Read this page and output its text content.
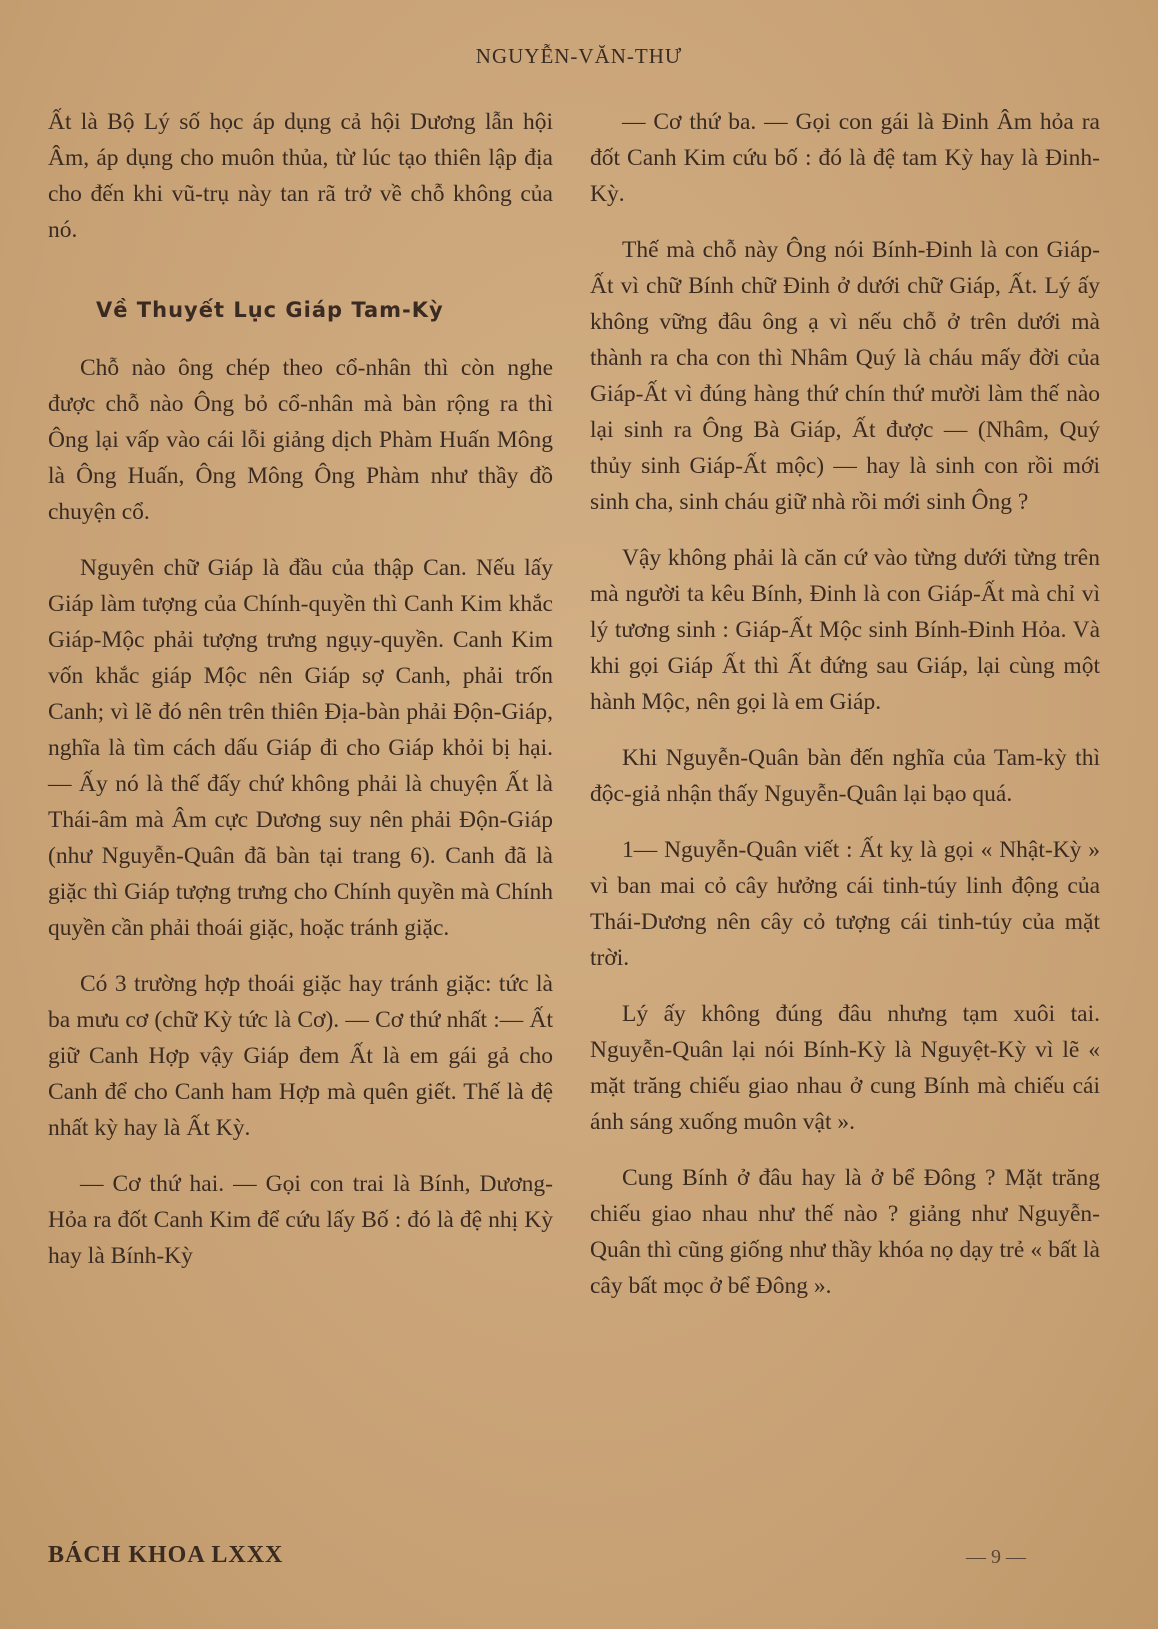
NGUYỄN-VĂN-THƯ

Ất là Bộ Lý số học áp dụng cả hội Dương lẫn hội Âm, áp dụng cho muôn thủa, từ lúc tạo thiên lập địa cho đến khi vũ-trụ này tan rã trở về chỗ không của nó.

Về Thuyết Lục Giáp Tam-Kỳ

Chỗ nào ông chép theo cổ-nhân thì còn nghe được chỗ nào Ông bỏ cổ-nhân mà bàn rộng ra thì Ông lại vấp vào cái lỗi giảng dịch Phàm Huấn Mông là Ông Huấn, Ông Mông Ông Phàm như thầy đồ chuyện cổ.

Nguyên chữ Giáp là đầu của thập Can. Nếu lấy Giáp làm tượng của Chính-quyền thì Canh Kim khắc Giáp-Mộc phải tượng trưng ngụy-quyền. Canh Kim vốn khắc giáp Mộc nên Giáp sợ Canh, phải trốn Canh; vì lẽ đó nên trên thiên Địa-bàn phải Độn-Giáp, nghĩa là tìm cách dấu Giáp đi cho Giáp khỏi bị hại. — Ấy nó là thế đấy chứ không phải là chuyện Ất là Thái-âm mà Âm cực Dương suy nên phải Độn-Giáp (như Nguyễn-Quân đã bàn tại trang 6). Canh đã là giặc thì Giáp tượng trưng cho Chính quyền mà Chính quyền cần phải thoái giặc, hoặc tránh giặc.

Có 3 trường hợp thoái giặc hay tránh giặc: tức là ba mưu cơ (chữ Kỳ tức là Cơ). — Cơ thứ nhất :— Ất giữ Canh Hợp vậy Giáp đem Ất là em gái gả cho Canh để cho Canh ham Hợp mà quên giết. Thế là đệ nhất kỳ hay là Ất Kỳ.

— Cơ thứ hai. — Gọi con trai là Bính, Dương-Hỏa ra đốt Canh Kim để cứu lấy Bố : đó là đệ nhị Kỳ hay là Bính-Kỳ

— Cơ thứ ba. — Gọi con gái là Đinh Âm hỏa ra đốt Canh Kim cứu bố : đó là đệ tam Kỳ hay là Đinh-Kỳ.

Thế mà chỗ này Ông nói Bính-Đinh là con Giáp-Ất vì chữ Bính chữ Đinh ở dưới chữ Giáp, Ất. Lý ấy không vững đâu ông ạ vì nếu chỗ ở trên dưới mà thành ra cha con thì Nhâm Quý là cháu mấy đời của Giáp-Ất vì đúng hàng thứ chín thứ mười làm thế nào lại sinh ra Ông Bà Giáp, Ất được — (Nhâm, Quý thủy sinh Giáp-Ất mộc) — hay là sinh con rồi mới sinh cha, sinh cháu giữ nhà rồi mới sinh Ông ?

Vậy không phải là căn cứ vào từng dưới từng trên mà người ta kêu Bính, Đinh là con Giáp-Ất mà chỉ vì lý tương sinh : Giáp-Ất Mộc sinh Bính-Đinh Hỏa. Và khi gọi Giáp Ất thì Ất đứng sau Giáp, lại cùng một hành Mộc, nên gọi là em Giáp.

Khi Nguyễn-Quân bàn đến nghĩa của Tam-kỳ thì độc-giả nhận thấy Nguyễn-Quân lại bạo quá.

1— Nguyễn-Quân viết : Ất kỵ là gọi « Nhật-Kỳ » vì ban mai cỏ cây hưởng cái tinh-túy linh động của Thái-Dương nên cây cỏ tượng cái tinh-túy của mặt trời.

Lý ấy không đúng đâu nhưng tạm xuôi tai. Nguyễn-Quân lại nói Bính-Kỳ là Nguyệt-Kỳ vì lẽ « mặt trăng chiếu giao nhau ở cung Bính mà chiếu cái ánh sáng xuống muôn vật ».

Cung Bính ở đâu hay là ở bể Đông ? Mặt trăng chiếu giao nhau như thế nào ? giảng như Nguyễn-Quân thì cũng giống như thầy khóa nọ dạy trẻ « bất là cây bất mọc ở bể Đông ».

BÁCH KHOA LXXX	— 9 —
